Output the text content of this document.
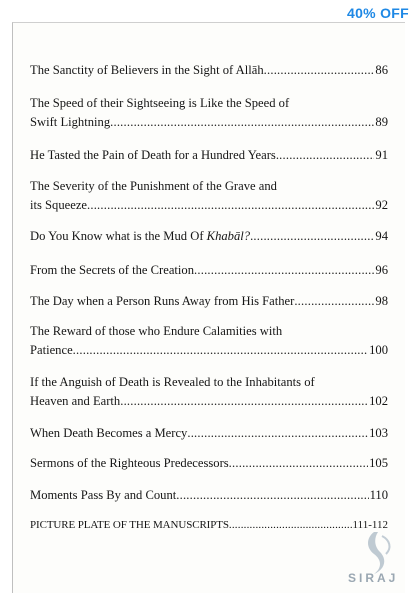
40% OFF
The Sanctity of Believers in the Sight of Allāh .....	86
The Speed of their Sightseeing is Like the Speed of
Swift Lightning .....	89
He Tasted the Pain of Death for a Hundred Years .....	91
The Severity of the Punishment of the Grave and
its Squeeze .....	92
Do You Know what is the Mud Of Khabāl? .....	94
From the Secrets of the Creation .....	96
The Day when a Person Runs Away from His Father .....	98
The Reward of those who Endure Calamities with
Patience .....	100
If the Anguish of Death is Revealed to the Inhabitants of
Heaven and Earth .....	102
When Death Becomes a Mercy .....	103
Sermons of the Righteous Predecessors .....	105
Moments Pass By and Count .....	110
PICTURE PLATE OF THE MANUSCRIPTS .....	111-112
SIRAJ
